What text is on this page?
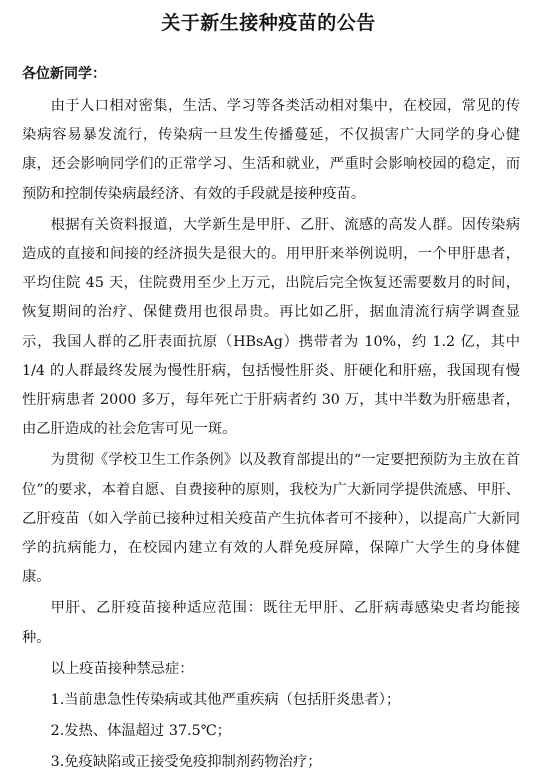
关于新生接种疫苗的公告
各位新同学：

由于人口相对密集，生活、学习等各类活动相对集中，在校园，常见的传染病容易暴发流行，传染病一旦发生传播蔓延，不仅损害广大同学的身心健康，还会影响同学们的正常学习、生活和就业，严重时会影响校园的稳定，而预防和控制传染病最经济、有效的手段就是接种疫苗。

根据有关资料报道，大学新生是甲肝、乙肝、流感的高发人群。因传染病造成的直接和间接的经济损失是很大的。用甲肝来举例说明，一个甲肝患者，平均住院 45 天，住院费用至少上万元，出院后完全恢复还需要数月的时间，恢复期间的治疗、保健费用也很昂贵。再比如乙肝，据血清流行病学调查显示，我国人群的乙肝表面抗原（HBsAg）携带者为 10%，约 1.2 亿，其中 1/4 的人群最终发展为慢性肝病，包括慢性肝炎、肝硬化和肝癌，我国现有慢性肝病患者 2000 多万，每年死亡于肝病者约 30 万，其中半数为肝癌患者，由乙肝造成的社会危害可见一斑。

为贯彻《学校卫生工作条例》以及教育部提出的“一定要把预防为主放在首位”的要求，本着自愿、自费接种的原则，我校为广大新同学提供流感、甲肝、乙肝疫苗（如入学前已接种过相关疫苗产生抗体者可不接种），以提高广大新同学的抗病能力，在校园内建立有效的人群免疫屏障，保障广大学生的身体健康。

甲肝、乙肝疫苗接种适应范围：既往无甲肝、乙肝病毒感染史者均能接种。

以上疫苗接种禁忌症：

1.当前患急性传染病或其他严重疾病（包括肝炎患者）；

2.发热、体温超过 37.5℃；

3.免疫缺陷或正接受免疫抑制剂药物治疗；
